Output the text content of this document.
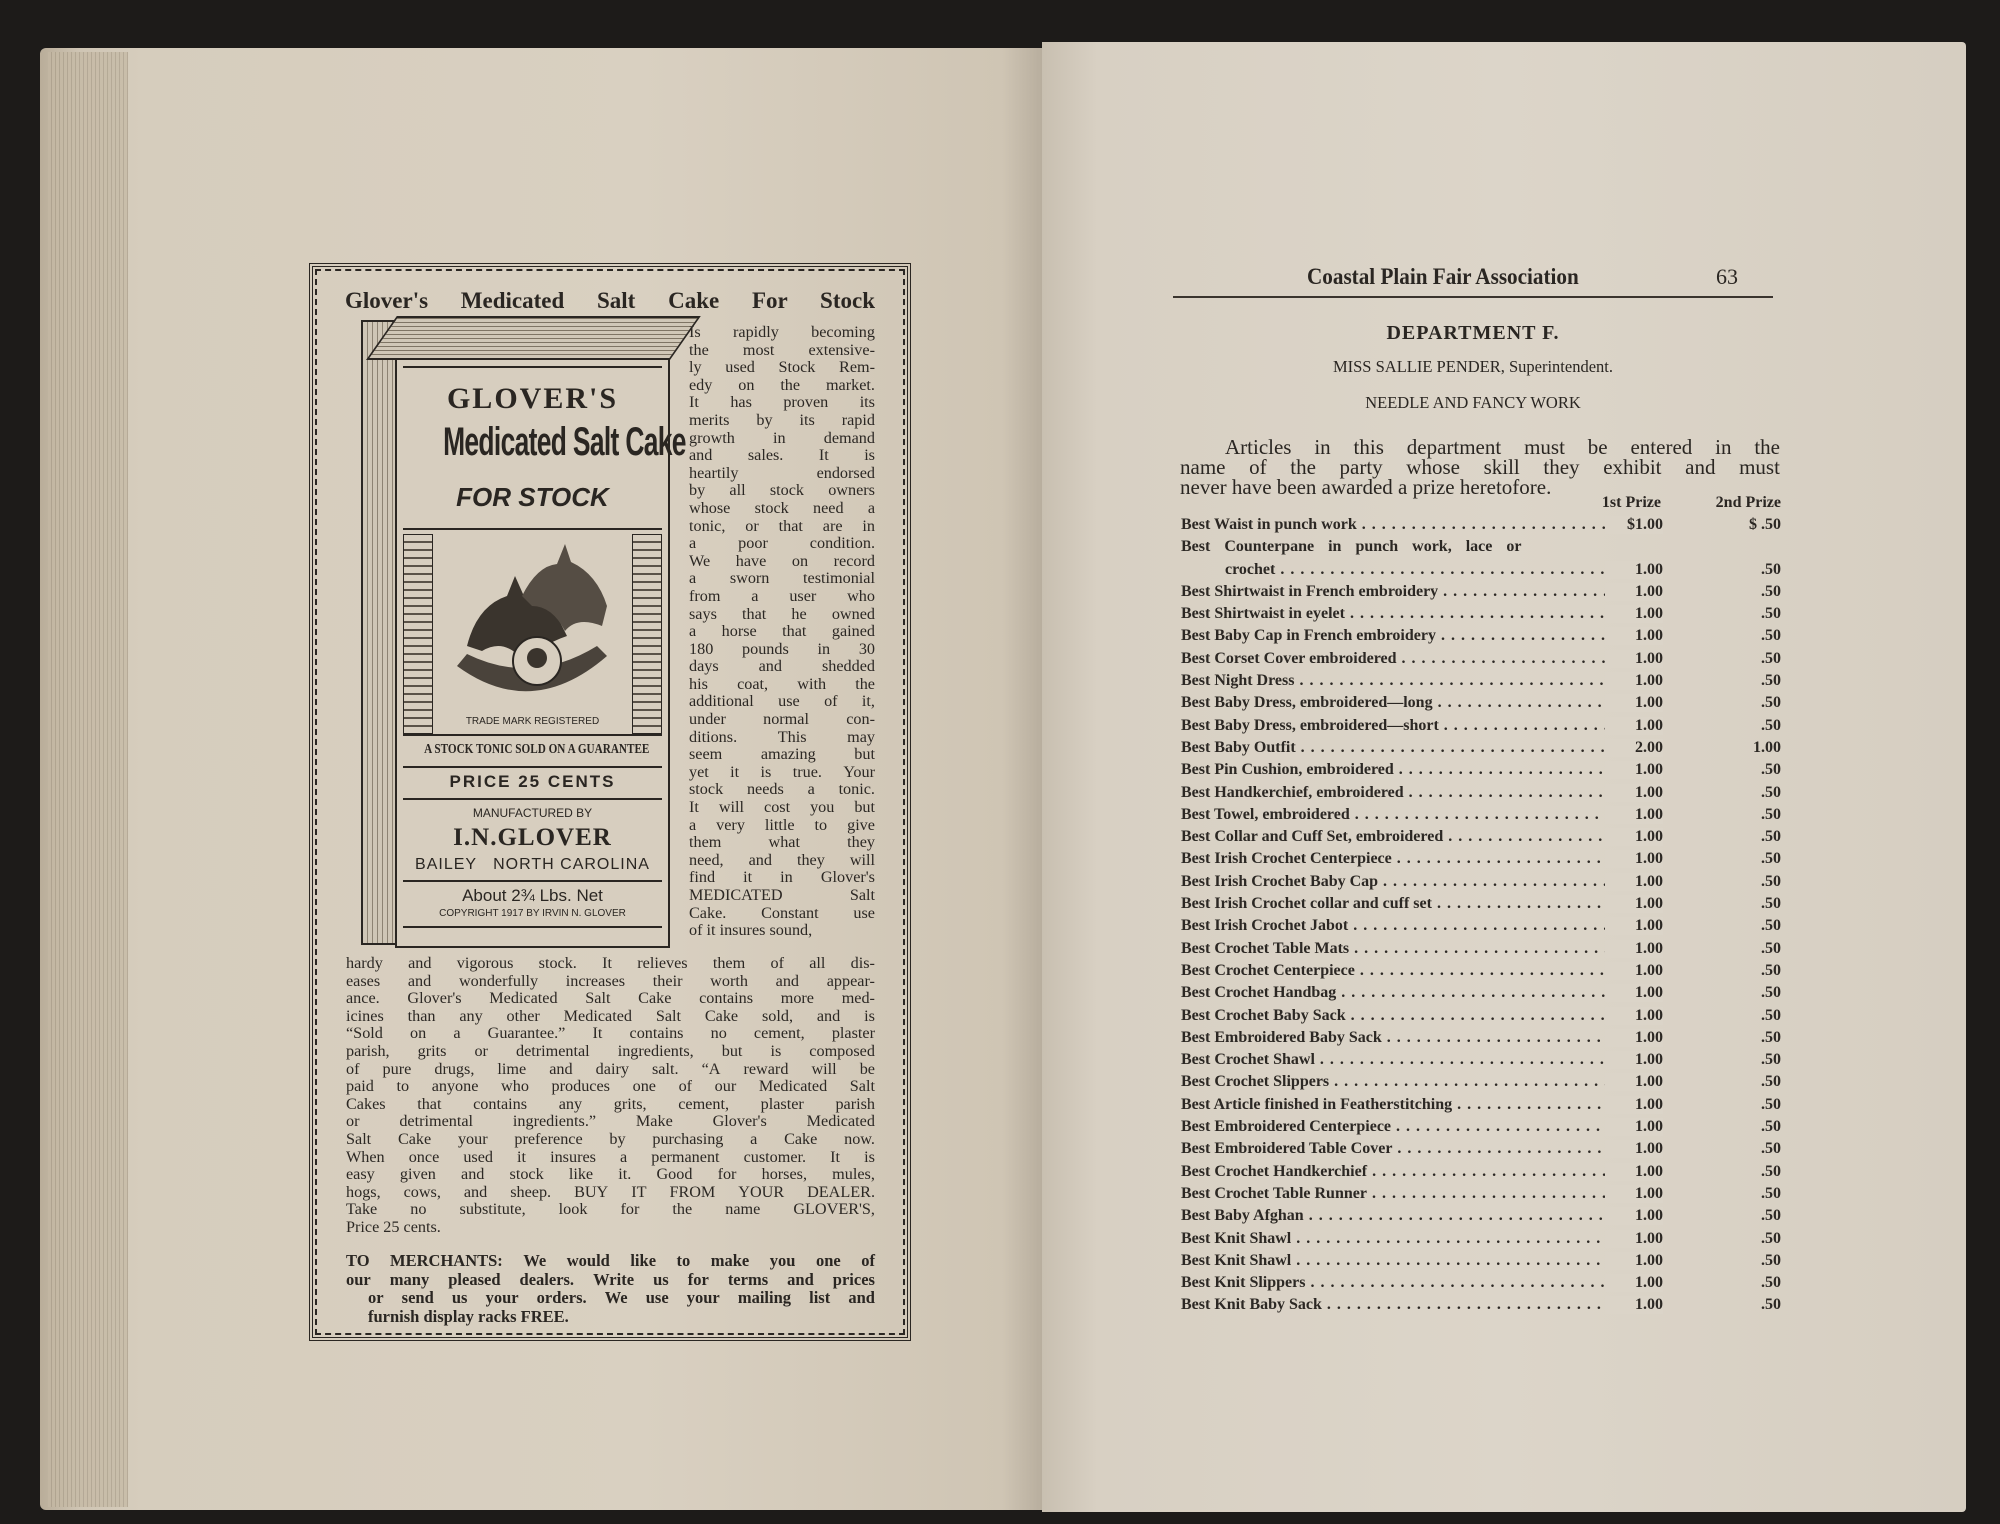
Glover's Medicated Salt Cake For Stock
GLOVER'S
Medicated Salt Cake
FOR STOCK
TRADE MARK REGISTERED
A STOCK TONIC SOLD ON A GUARANTEE
PRICE 25 CENTS
MANUFACTURED BY
I.N.GLOVER
BAILEY   NORTH CAROLINA
About 2¾ Lbs. Net
COPYRIGHT 1917 BY IRVIN N. GLOVER
Is rapidly becoming
the most extensive-
ly used Stock Rem-
edy on the market.
It has proven its
merits by its rapid
growth in demand
and sales. It is
heartily	endorsed
by all stock owners
whose stock need a
tonic, or that are in
a	poor	condition.
We have on record
a sworn testimonial
from a user who
says that he owned
a horse that gained
180 pounds in 30
days and shedded
his coat, with the
additional use of it,
under normal con-
ditions.	This	may
seem amazing but
yet it is true. Your
stock needs a tonic.
It will cost you but
a very little to give
them	what	they
need, and they will
find it in Glover's
MEDICATED	Salt
Cake. Constant use
of it insures sound,
hardy and vigorous stock. It relieves them of all dis-
eases and wonderfully increases their worth and appear-
ance. Glover's Medicated Salt Cake contains more med-
icines than any other Medicated Salt Cake sold, and is
“Sold on a Guarantee.” It contains no cement, plaster
parish, grits or detrimental ingredients, but is composed
of pure drugs, lime and dairy salt. “A reward will be
paid to anyone who produces one of our Medicated Salt
Cakes that contains any grits, cement, plaster parish
or detrimental ingredients.” Make Glover's Medicated
Salt Cake your preference by purchasing a Cake now.
When once used it insures a permanent customer. It is
easy given and stock like it. Good for horses, mules,
hogs, cows, and sheep. BUY IT FROM YOUR DEALER.
Take no substitute, look for the name GLOVER'S,
Price 25 cents.
TO MERCHANTS: We would like to make you one of
our many pleased dealers. Write us for terms and prices
or send us your orders. We use your mailing list and
furnish display racks FREE.
Coastal Plain Fair Association	63
DEPARTMENT F.
MISS SALLIE PENDER, Superintendent.
NEEDLE AND FANCY WORK
Articles in this department must be entered in the
name of the party whose skill they exhibit and must
never have been awarded a prize heretofore.
1st Prize	2nd Prize
Best Waist in punch work . . .	$1.00	$ .50
Best Counterpane in punch work, lace or
crochet . . .	1.00	.50
Best Shirtwaist in French embroidery . . .	1.00	.50
Best Shirtwaist in eyelet . . .	1.00	.50
Best Baby Cap in French embroidery . . .	1.00	.50
Best Corset Cover embroidered . . .	1.00	.50
Best Night Dress . . .	1.00	.50
Best Baby Dress, embroidered—long . . .	1.00	.50
Best Baby Dress, embroidered—short . . .	1.00	.50
Best Baby Outfit . . .	2.00	1.00
Best Pin Cushion, embroidered . . .	1.00	.50
Best Handkerchief, embroidered . . .	1.00	.50
Best Towel, embroidered . . .	1.00	.50
Best Collar and Cuff Set, embroidered . . .	1.00	.50
Best Irish Crochet Centerpiece . . .	1.00	.50
Best Irish Crochet Baby Cap . . .	1.00	.50
Best Irish Crochet collar and cuff set . . .	1.00	.50
Best Irish Crochet Jabot . . .	1.00	.50
Best Crochet Table Mats . . .	1.00	.50
Best Crochet Centerpiece . . .	1.00	.50
Best Crochet Handbag . . .	1.00	.50
Best Crochet Baby Sack . . .	1.00	.50
Best Embroidered Baby Sack . . .	1.00	.50
Best Crochet Shawl . . .	1.00	.50
Best Crochet Slippers . . .	1.00	.50
Best Article finished in Featherstitching . . .	1.00	.50
Best Embroidered Centerpiece . . .	1.00	.50
Best Embroidered Table Cover . . .	1.00	.50
Best Crochet Handkerchief . . .	1.00	.50
Best Crochet Table Runner . . .	1.00	.50
Best Baby Afghan . . .	1.00	.50
Best Knit Shawl . . .	1.00	.50
Best Knit Shawl . . .	1.00	.50
Best Knit Slippers . . .	1.00	.50
Best Knit Baby Sack . . .	1.00	.50
